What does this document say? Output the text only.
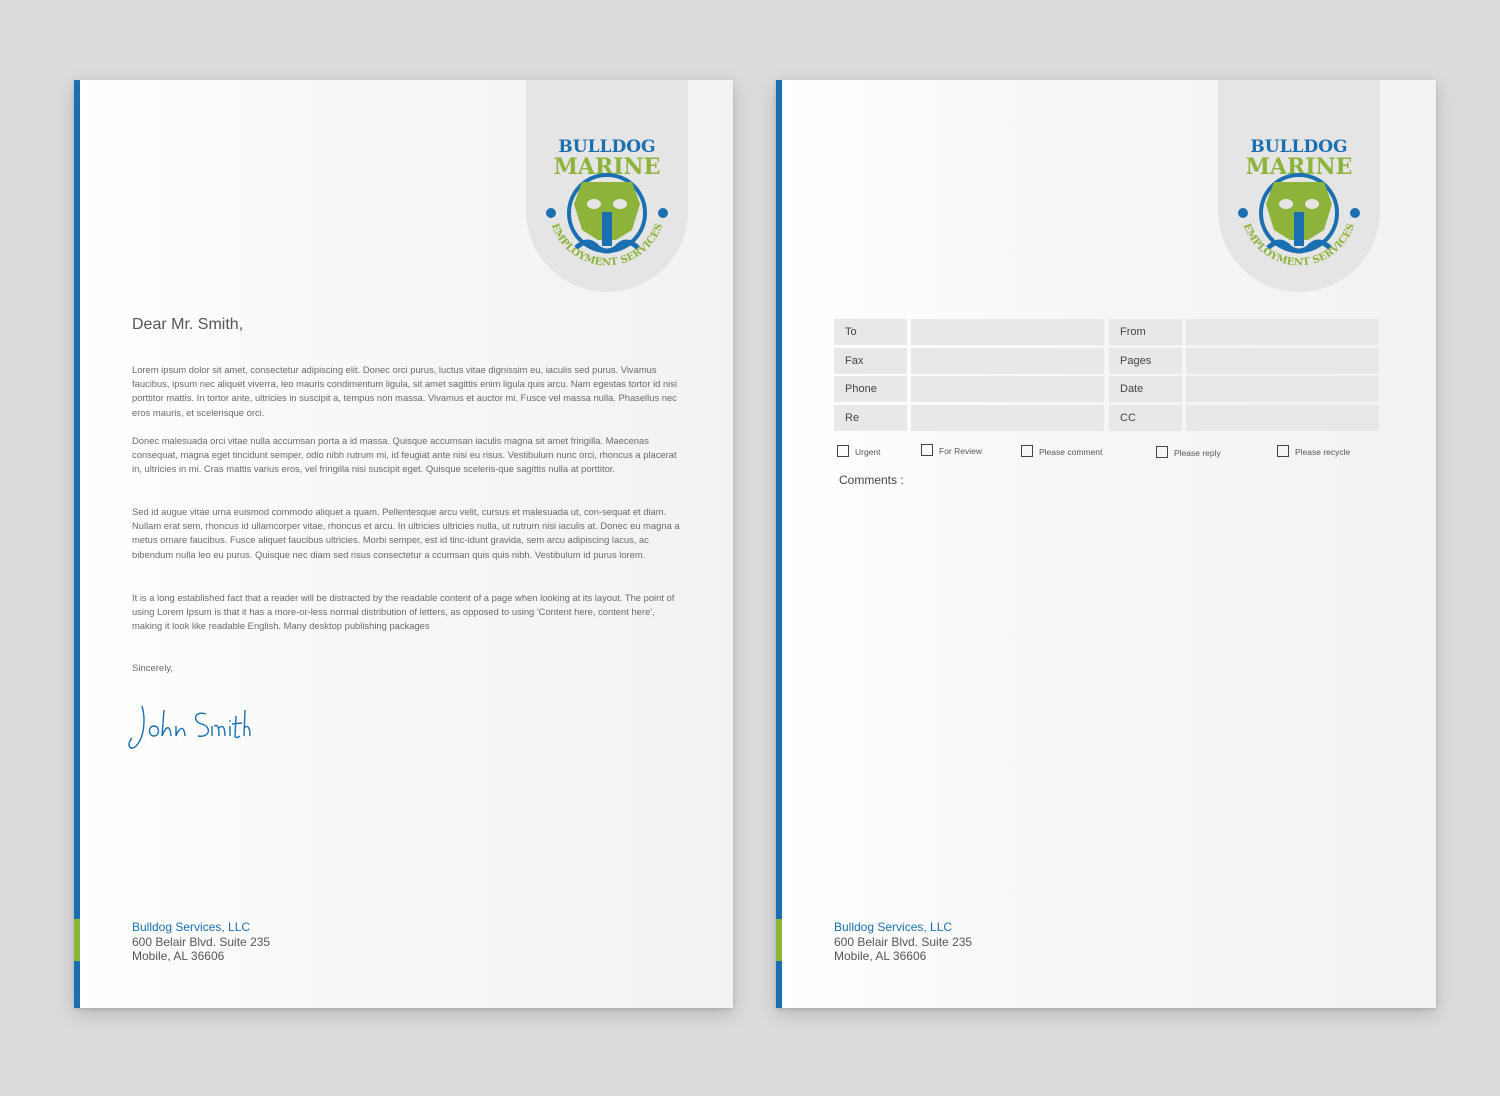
BULLDOG
MARINE
EMPLOYMENT SERVICES
Dear Mr. Smith,

Lorem ipsum dolor sit amet, consectetur adipiscing elit. Donec orci purus, luctus vitae dignissim eu, iaculis sed purus. Vivamus faucibus, ipsum nec aliquet viverra, leo mauris condimentum ligula, sit amet sagittis enim ligula quis arcu. Nam egestas tortor id nisi porttitor mattis. In tortor ante, ultricies in suscipit a, tempus non massa. Vivamus et auctor mi. Fusce vel massa nulla. Phasellus nec eros mauris, et scelerisque orci.

Donec malesuada orci vitae nulla accumsan porta a id massa. Quisque accumsan iaculis magna sit amet fringilla. Maecenas consequat, magna eget tincidunt semper, odio nibh rutrum mi, id feugiat ante nisi eu risus. Vestibulum nunc orci, rhoncus a placerat in, ultricies in mi. Cras mattis varius eros, vel fringilla nisi suscipit eget. Quisque sceleris-que sagittis nulla at porttitor.

Sed id augue vitae urna euismod commodo aliquet a quam. Pellentesque arcu velit, cursus et malesuada ut, con-sequat et diam. Nullam erat sem, rhoncus id ullamcorper vitae, rhoncus et arcu. In ultricies ultricies nulla, ut rutrum nisi iaculis at. Donec eu magna a metus ornare faucibus. Fusce aliquet faucibus ultricies. Morbi semper, est id tinc-idunt gravida, sem arcu adipiscing lacus, ac bibendum nulla leo eu purus. Quisque nec diam sed risus consectetur a ccumsan quis quis nibh. Vestibulum id purus lorem.

It is a long established fact that a reader will be distracted by the readable content of a page when looking at its layout. The point of using Lorem Ipsum is that it has a more-or-less normal distribution of letters, as opposed to using 'Content here, content here', making it look like readable English. Many desktop publishing packages

Sincerely,
Bulldog Services, LLC
600 Belair Blvd. Suite 235
Mobile, AL 36606
BULLDOG
MARINE
EMPLOYMENT SERVICES
To	From
Fax	Pages
Phone	Date
Re	CC
Urgent	For Review	Please comment	Please reply	Please recycle
Comments :
Bulldog Services, LLC
600 Belair Blvd. Suite 235
Mobile, AL 36606
